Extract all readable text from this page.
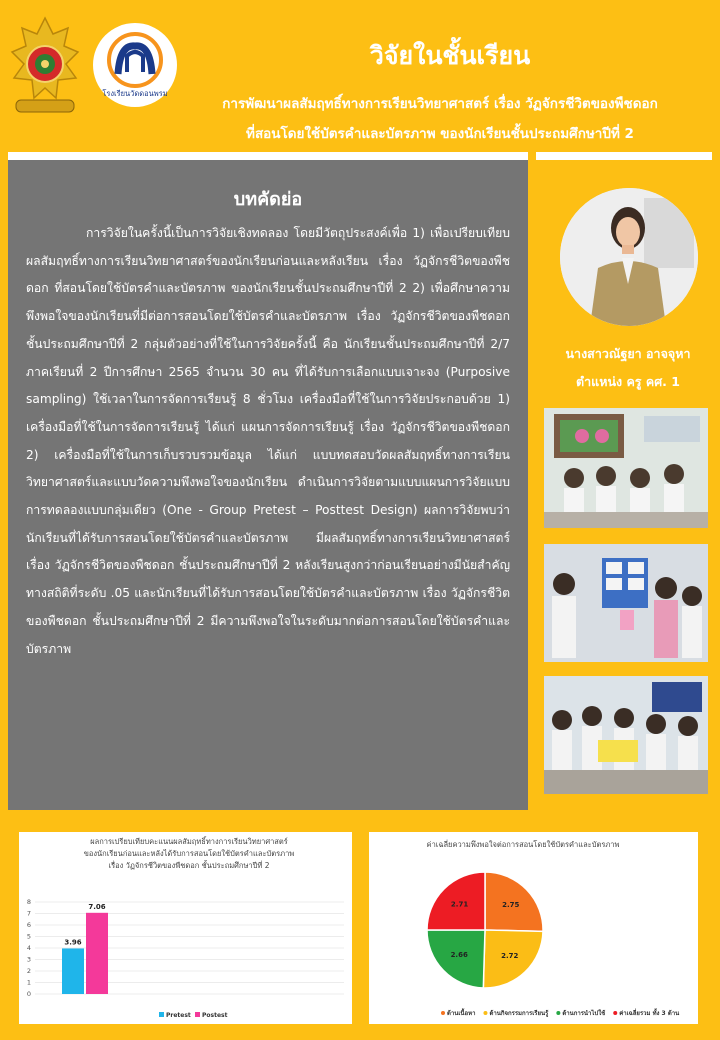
โรงเรียนวัดดอนพรม
วิจัยในชั้นเรียน
การพัฒนาผลสัมฤทธิ์ทางการเรียนวิทยาศาสตร์ เรื่อง วัฏจักรชีวิตของพืชดอก
ที่สอนโดยใช้บัตรคำและบัตรภาพ ของนักเรียนชั้นประถมศึกษาปีที่ 2
บทคัดย่อ
การวิจัยในครั้งนี้เป็นการวิจัยเชิงทดลอง โดยมีวัตถุประสงค์เพื่อ 1) เพื่อเปรียบเทียบผลสัมฤทธิ์ทางการเรียนวิทยาศาสตร์ของนักเรียนก่อนและหลังเรียน เรื่อง วัฏจักรชีวิตของพืชดอก ที่สอนโดยใช้บัตรคำและบัตรภาพ ของนักเรียนชั้นประถมศึกษาปีที่ 2 2) เพื่อศึกษาความพึงพอใจของนักเรียนที่มีต่อการสอนโดยใช้บัตรคำและบัตรภาพ เรื่อง วัฏจักรชีวิตของพืชดอก ชั้นประถมศึกษาปีที่ 2 กลุ่มตัวอย่างที่ใช้ในการวิจัยครั้งนี้ คือ นักเรียนชั้นประถมศึกษาปีที่ 2/7 ภาคเรียนที่ 2 ปีการศึกษา 2565 จำนวน 30 คน ที่ได้รับการเลือกแบบเจาะจง (Purposive sampling) ใช้เวลาในการจัดการเรียนรู้ 8 ชั่วโมง เครื่องมือที่ใช้ในการวิจัยประกอบด้วย 1) เครื่องมือที่ใช้ในการจัดการเรียนรู้ ได้แก่ แผนการจัดการเรียนรู้ เรื่อง วัฏจักรชีวิตของพืชดอก 2) เครื่องมือที่ใช้ในการเก็บรวบรวมข้อมูล ได้แก่ แบบทดสอบวัดผลสัมฤทธิ์ทางการเรียนวิทยาศาสตร์และแบบวัดความพึงพอใจของนักเรียน ดำเนินการวิจัยตามแบบแผนการวิจัยแบบการทดลองแบบกลุ่มเดียว (One - Group Pretest – Posttest Design) ผลการวิจัยพบว่า นักเรียนที่ได้รับการสอนโดยใช้บัตรคำและบัตรภาพ มีผลสัมฤทธิ์ทางการเรียนวิทยาศาสตร์ เรื่อง วัฏจักรชีวิตของพืชดอก ชั้นประถมศึกษาปีที่ 2 หลังเรียนสูงกว่าก่อนเรียนอย่างมีนัยสำคัญทางสถิติที่ระดับ .05 และนักเรียนที่ได้รับการสอนโดยใช้บัตรคำและบัตรภาพ เรื่อง วัฏจักรชีวิตของพืชดอก ชั้นประถมศึกษาปีที่ 2 มีความพึงพอใจในระดับมากต่อการสอนโดยใช้บัตรคำและบัตรภาพ
นางสาวณัฐยา อาจจุหา
ตำแหน่ง ครู คศ. 1
ผลการเปรียบเทียบคะแนนผลสัมฤทธิ์ทางการเรียนวิทยาศาสตร์
ของนักเรียนก่อนและหลังได้รับการสอนโดยใช้บัตรคำและบัตรภาพ
เรื่อง วัฏจักรชีวิตของพืชดอก ชั้นประถมศึกษาปีที่ 2
0
1
2
3
4
5
6
7
8
3.96
7.06
Pretest Postest
ค่าเฉลี่ยความพึงพอใจต่อการสอนโดยใช้บัตรคำและบัตรภาพ
2.75
2.72
2.66
2.71
ด้านเนื้อหา ด้านกิจกรรมการเรียนรู้ ด้านการนำไปใช้ ค่าเฉลี่ยรวม ทั้ง 3 ด้าน
